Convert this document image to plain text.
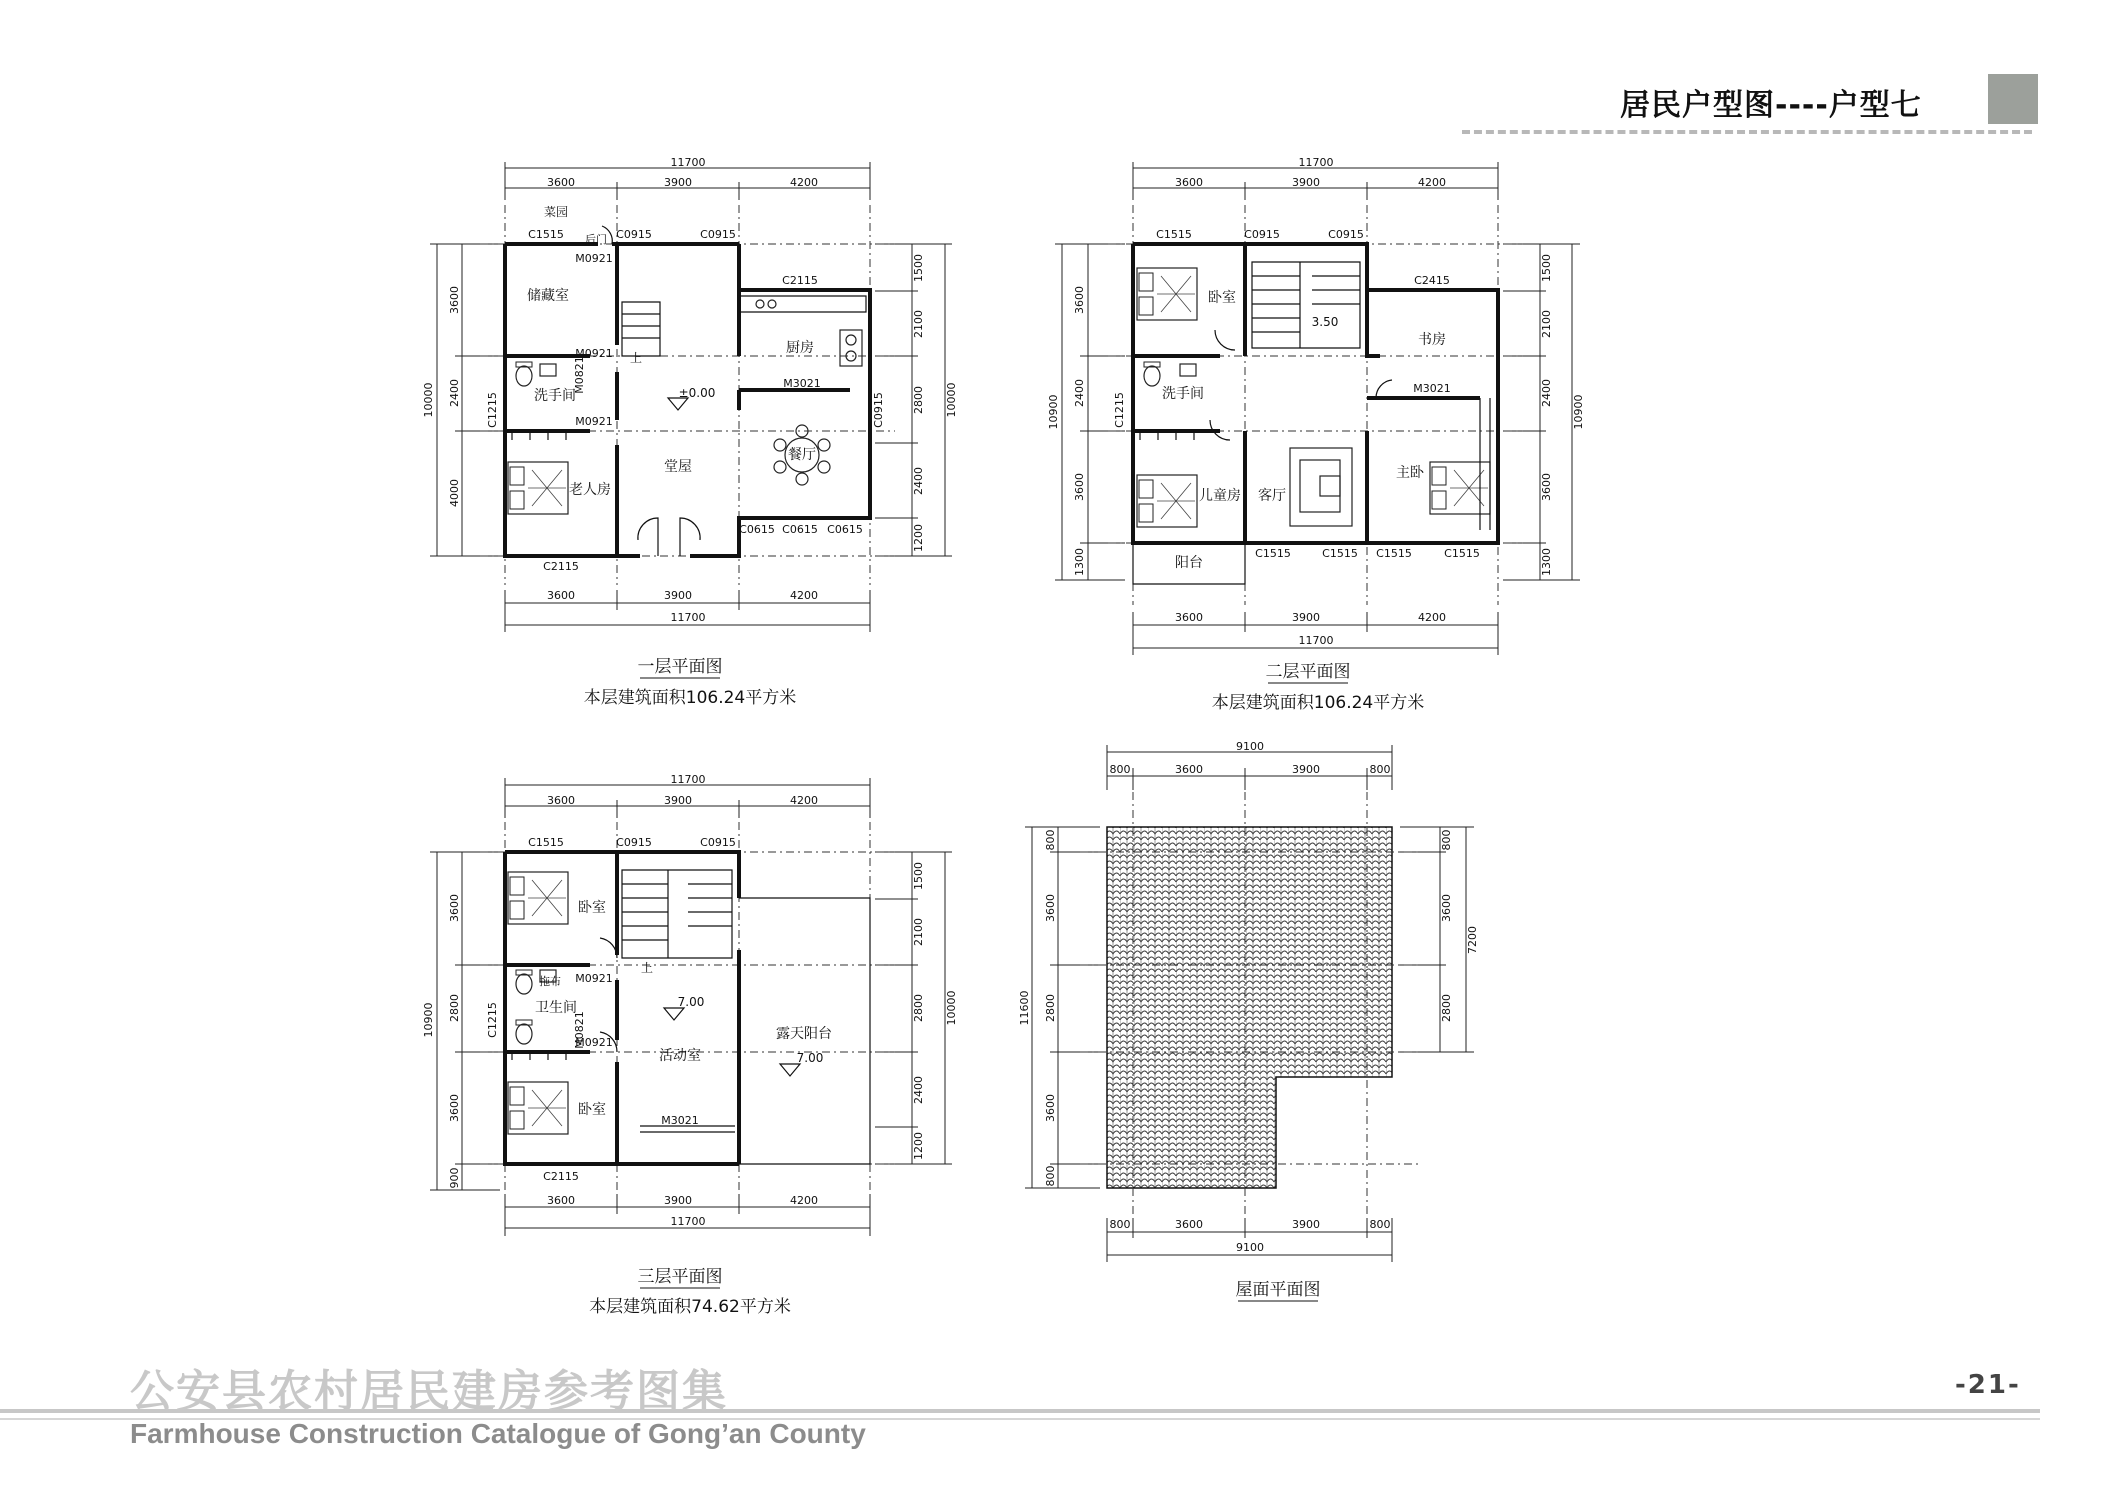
居民户型图----户型七
11700
3600	3900	4200
3600	3900	4200
11700
10000
3600
2400
4000
1500
2100
2800
2400
1200
10000
菜园
后门
C1515
M0921
C0915	C0915
C2115
储藏室
M0921
M0821
厨房
上
洗手间	±0.00
M3021
C1215	C0915
M0921
餐厅
堂屋
老人房
C0615 C0615 C0615
C2115
一层平面图
本层建筑面积106.24平方米
11700
3600	3900	4200
3600	3900	4200
11700
10900
3600
2400
3600
1300
1500
2100
2400
3600
1300
10900
C1515	C0915	C0915
卧室
C2415
3.50
书房
洗手间
C1215
M3021
儿童房 客厅
主卧
阳台
C1515	C1515 C1515	C1515
二层平面图
本层建筑面积106.24平方米
11700
3600	3900	4200
3600	3900	4200
11700
10900
3600
2800
3600
900
1500
2100
2800
2400
1200
10000
C1515	C0915	C0915
卧室
M0921
卫生间
拖布
C1215	M0821
M0921
7.00
活动室
露天阳台
7.00
卧室
M3021
上
C2115
三层平面图
本层建筑面积74.62平方米
9100
800	3600	3900	800
800	3600	3900	800
9100
11600
800
3600
2800
3600
800
800
3600
2800
7200
屋面平面图
公安县农村居民建房参考图集
Farmhouse Construction Catalogue of Gong’an County
-21-
